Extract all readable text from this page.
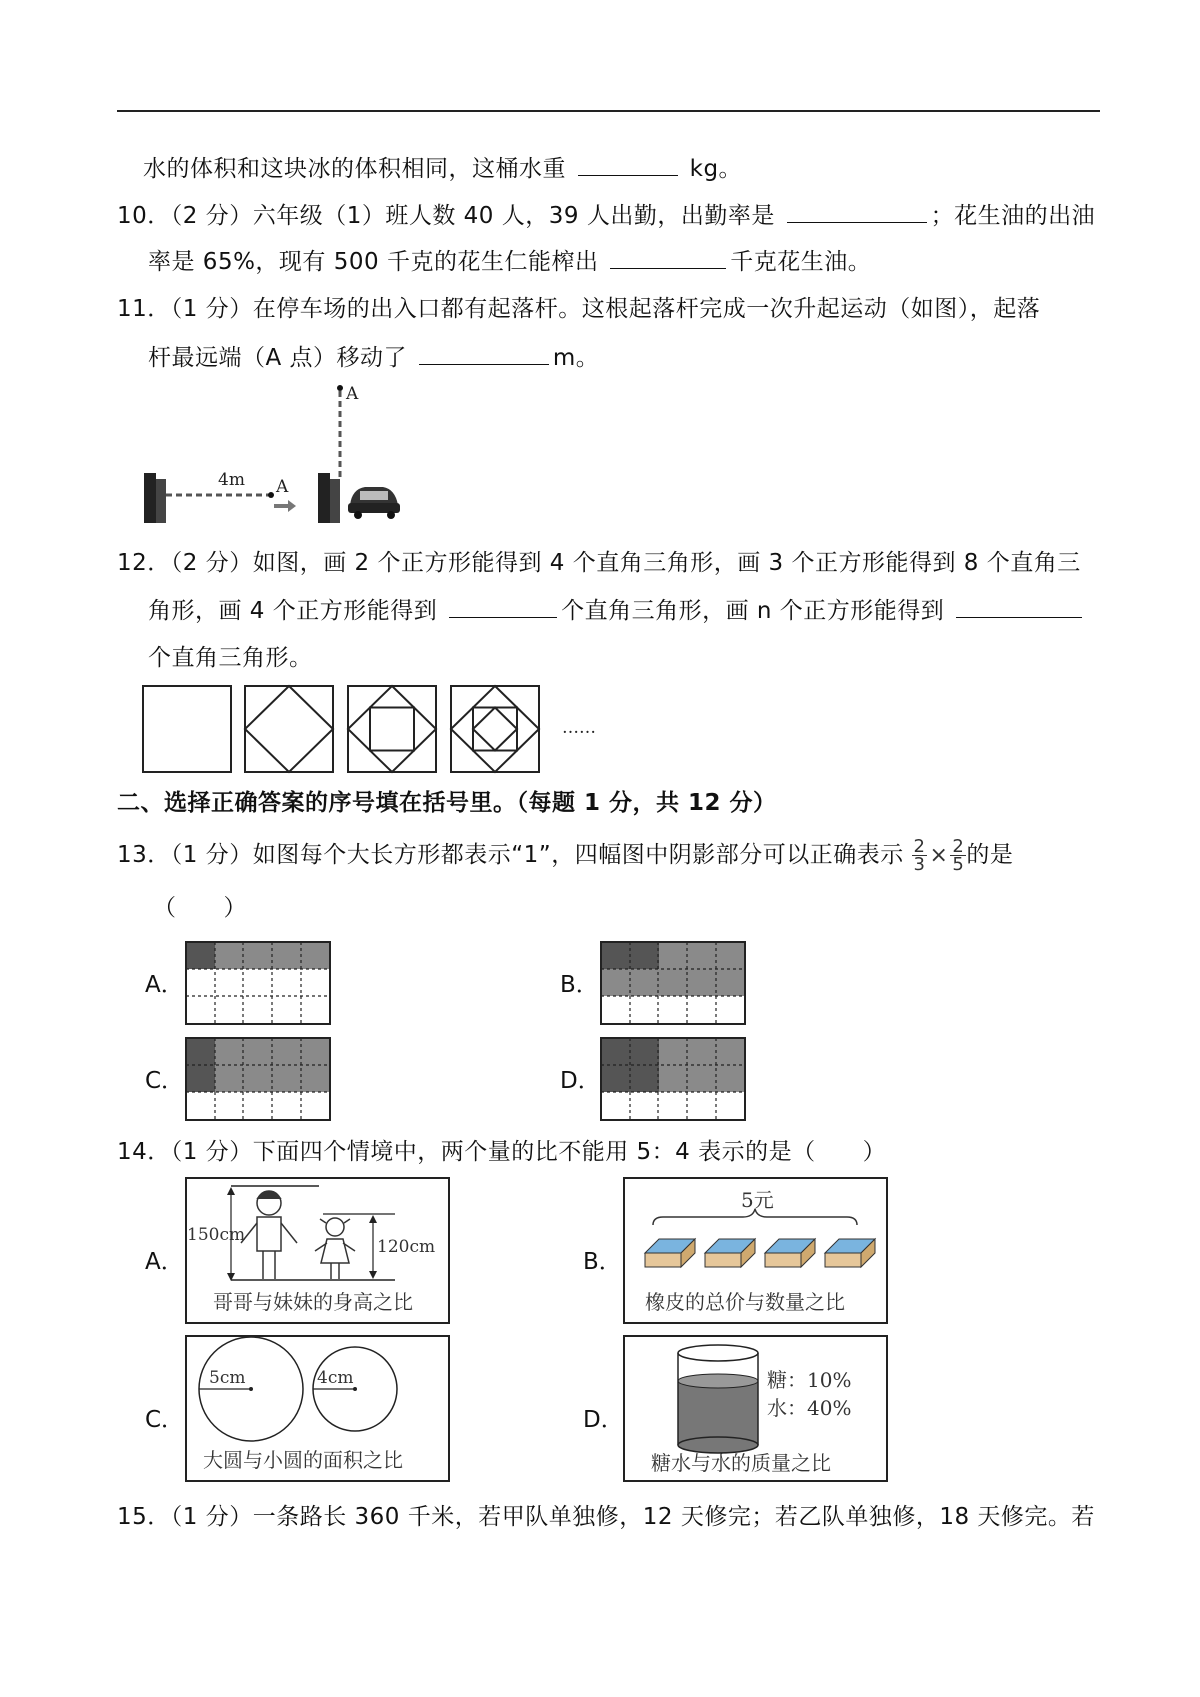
水的体积和这块冰的体积相同，这桶水重	kg。
10．（2 分）六年级（1）班人数 40 人，39 人出勤，出勤率是	；花生油的出油
率是 65%，现有 500 千克的花生仁能榨出	千克花生油。
11．（1 分）在停车场的出入口都有起落杆。这根起落杆完成一次升起运动（如图），起落
杆最远端（A 点）移动了	m。
4m A
A
12．（2 分）如图，画 2 个正方形能得到 4 个直角三角形，画 3 个正方形能得到 8 个直角三
角形，画 4 个正方形能得到	个直角三角形，画 n 个正方形能得到
个直角三角形。
……
二、选择正确答案的序号填在括号里。（每题 1 分，共 12 分）
13．（1 分）如图每个大长方形都表示“1”，四幅图中阴影部分可以正确表示 $\frac{2}{3} \times \frac{2}{5}$ 的是
（　　）
A．	B．
C．	D．
14．（1 分）下面四个情境中，两个量的比不能用 5：4 表示的是（　　）
A．	B．
C．	D．
150cm
120cm
哥哥与妹妹的身高之比
5元
橡皮的总价与数量之比
5cm	4cm
大圆与小圆的面积之比
糖：10%
水：40%
糖水与水的质量之比
15．（1 分）一条路长 360 千米，若甲队单独修，12 天修完；若乙队单独修，18 天修完。若
